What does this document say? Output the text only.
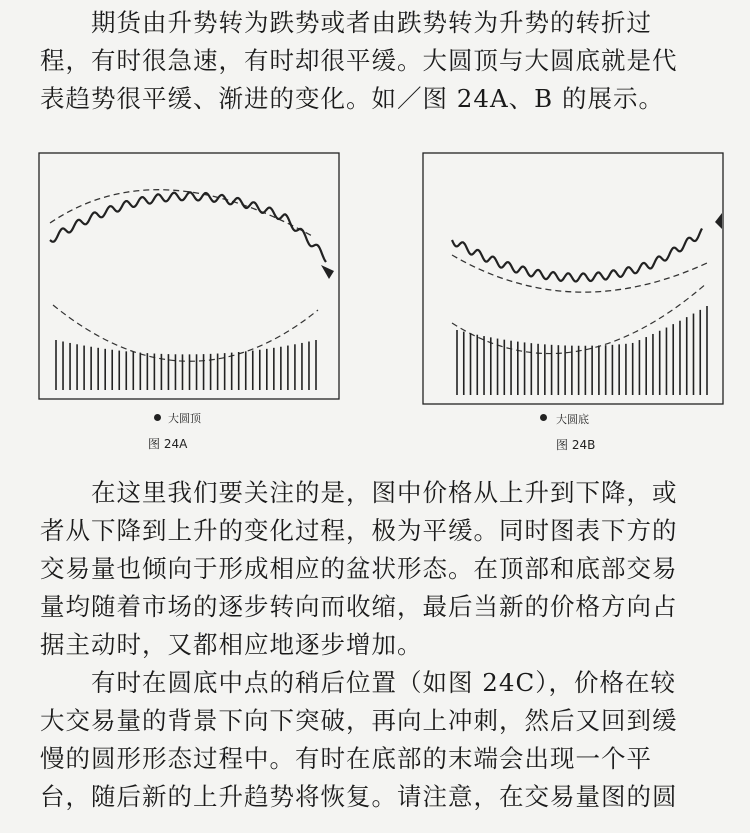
　　期货由升势转为跌势或者由跌势转为升势的转折过
程，有时很急速，有时却很平缓。大圆顶与大圆底就是代
表趋势很平缓、渐进的变化。如／图 24A、B 的展示。
大圆顶
图 24A
大圆底
图 24B
　　在这里我们要关注的是，图中价格从上升到下降，或
者从下降到上升的变化过程，极为平缓。同时图表下方的
交易量也倾向于形成相应的盆状形态。在顶部和底部交易
量均随着市场的逐步转向而收缩，最后当新的价格方向占
据主动时，又都相应地逐步增加。
　　有时在圆底中点的稍后位置（如图 24C），价格在较
大交易量的背景下向下突破，再向上冲刺，然后又回到缓
慢的圆形形态过程中。有时在底部的末端会出现一个平
台，随后新的上升趋势将恢复。请注意，在交易量图的圆
